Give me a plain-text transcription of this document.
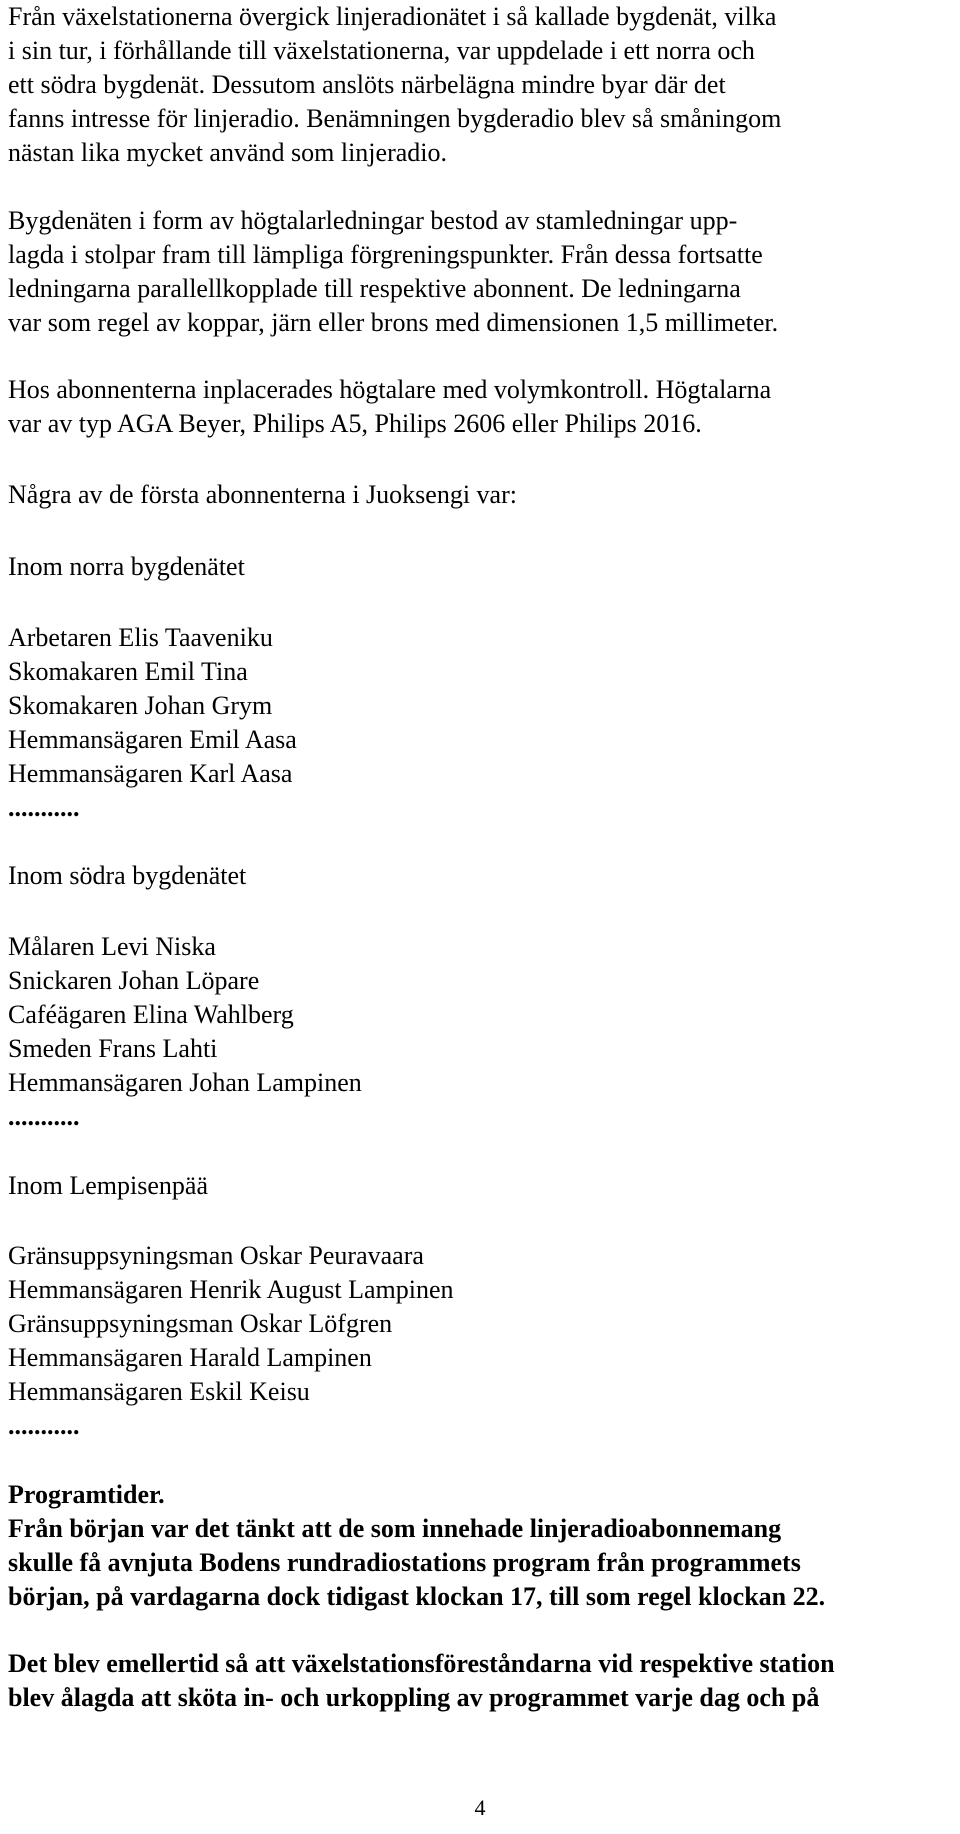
Från växelstationerna övergick linjeradionätet i så kallade bygdenät, vilka
i sin tur, i förhållande till växelstationerna, var uppdelade i ett norra och
ett södra bygdenät. Dessutom anslöts närbelägna mindre byar där det
fanns intresse för linjeradio. Benämningen bygderadio blev så småningom
nästan lika mycket använd som linjeradio.

Bygdenäten i form av högtalarledningar bestod av stamledningar upp-
lagda i stolpar fram till lämpliga förgreningspunkter. Från dessa fortsatte
ledningarna parallellkopplade till respektive abonnent. De ledningarna
var som regel av koppar, järn eller brons med dimensionen 1,5 millimeter.

Hos abonnenterna inplacerades högtalare med volymkontroll. Högtalarna
var av typ AGA Beyer, Philips A5, Philips 2606 eller Philips 2016.

Några av de första abonnenterna i Juoksengi var:

Inom norra bygdenätet

Arbetaren Elis Taaveniku
Skomakaren Emil Tina
Skomakaren Johan Grym
Hemmansägaren Emil Aasa
Hemmansägaren Karl Aasa
...........

Inom södra bygdenätet

Målaren Levi Niska
Snickaren Johan Löpare
Caféägaren Elina Wahlberg
Smeden Frans Lahti
Hemmansägaren Johan Lampinen
...........

Inom Lempisenpää

Gränsuppsyningsman Oskar Peuravaara
Hemmansägaren Henrik August Lampinen
Gränsuppsyningsman Oskar Löfgren
Hemmansägaren Harald Lampinen
Hemmansägaren Eskil Keisu
...........

Programtider.
Från början var det tänkt att de som innehade linjeradioabonnemang
skulle få avnjuta Bodens rundradiostations program från programmets
början, på vardagarna dock tidigast klockan 17, till som regel klockan 22.

Det blev emellertid så att växelstationsföreståndarna vid respektive station
blev ålagda att sköta in- och urkoppling av programmet varje dag och på

4
